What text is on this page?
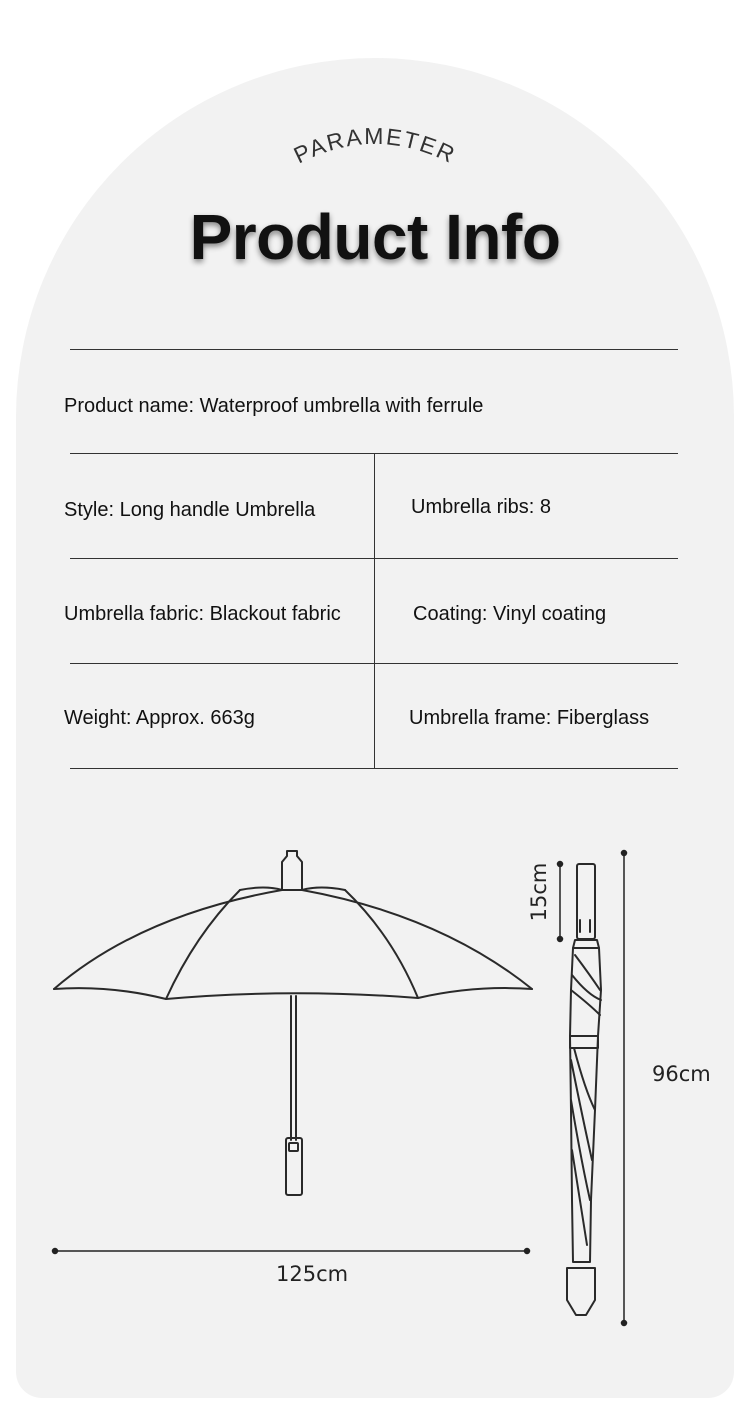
PARAMETER
Product Info
Product name: Waterproof umbrella with ferrule
Style: Long handle Umbrella	Umbrella ribs: 8
Umbrella fabric: Blackout fabric	Coating: Vinyl coating
Weight: Approx. 663g	Umbrella frame: Fiberglass
15cm
125cm
96cm
